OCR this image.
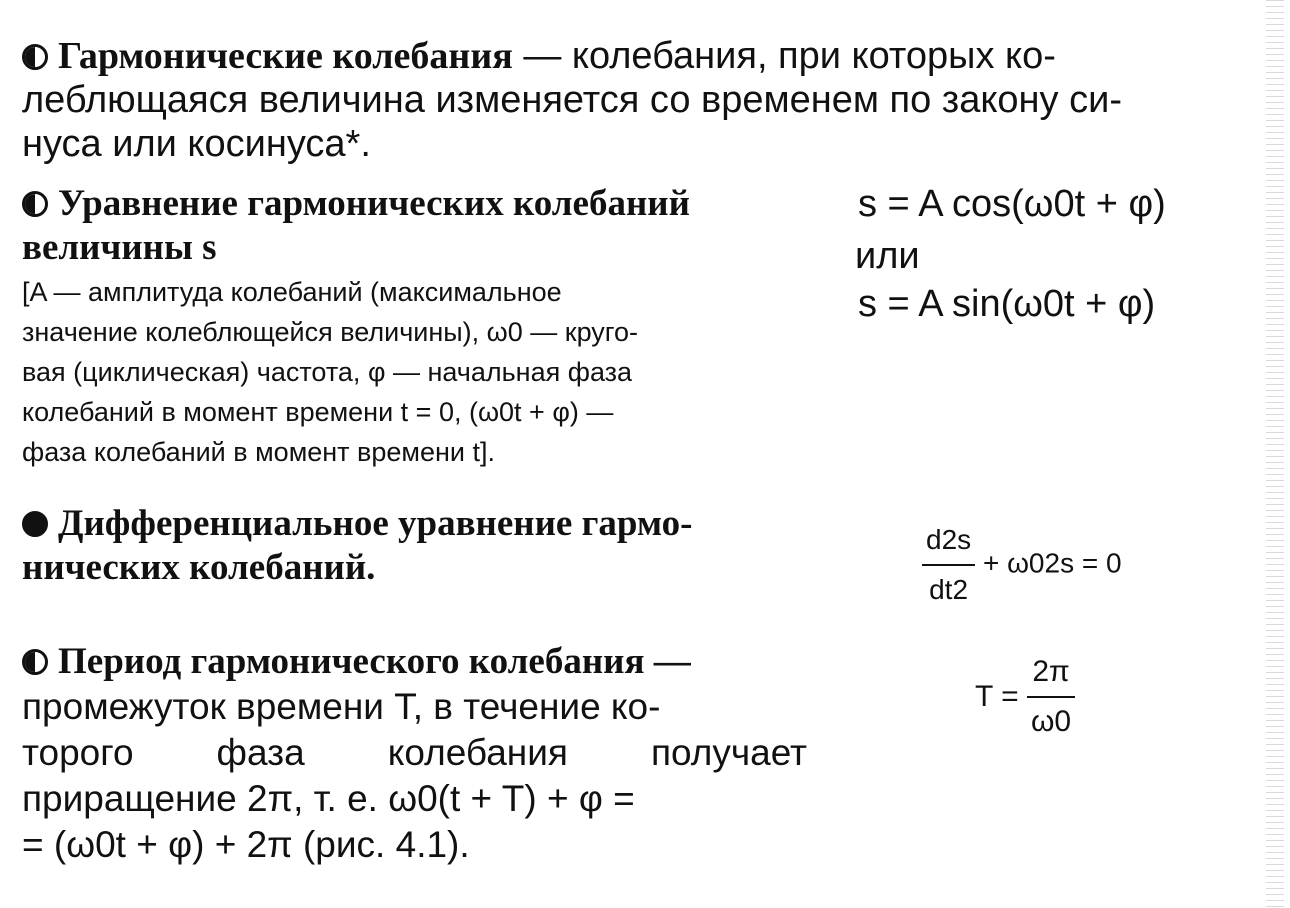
Гармонические колебания — колебания, при которых ко-
леблющаяся величина изменяется со временем по закону си-
нуса или косинуса*.
Уравнение гармонических колебаний
величины s
[A — амплитуда колебаний (максимальное
значение колеблющейся величины), ω0 — круго-
вая (циклическая) частота, φ — начальная фаза
колебаний в момент времени t = 0, (ω0t + φ) —
фаза колебаний в момент времени t].
s = A cos(ω0t + φ)
или
s = A sin(ω0t + φ)
Дифференциальное уравнение гармо-
нических колебаний.	$\frac{d2s}{dt2} + \omega 02s = 0$
Период гармонического колебания —
промежуток времени T, в течение ко-
торого фаза колебания получает
приращение 2π, т. е. ω0(t + T) + φ =
= (ω0t + φ) + 2π (рис. 4.1).
$T = \frac{2\pi}{\omega 0}$
